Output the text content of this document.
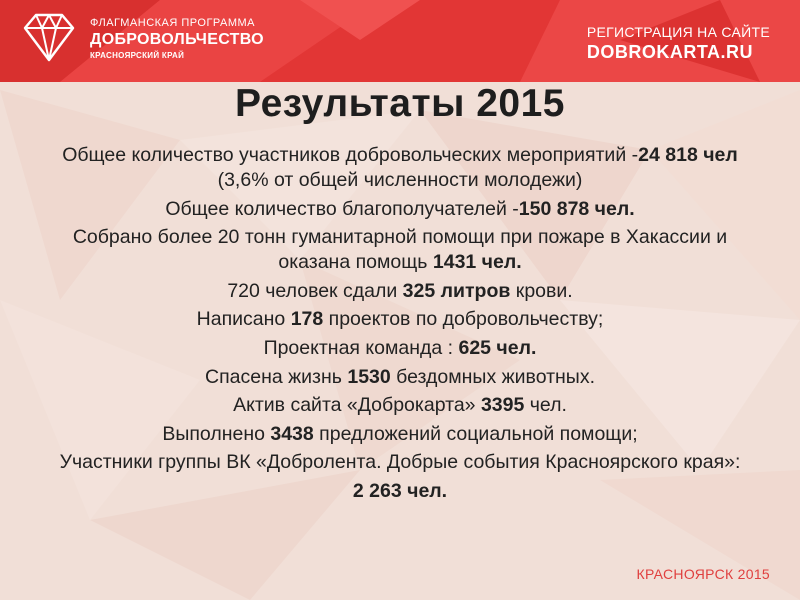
ФЛАГМАНСКАЯ ПРОГРАММА
ДОБРОВОЛЬЧЕСТВО
КРАСНОЯРСКИЙ КРАЙ
РЕГИСТРАЦИЯ НА САЙТЕ
DOBROKARTA.RU
Результаты 2015

Общее количество участников добровольческих мероприятий -24 818 чел (3,6% от общей численности молодежи)

Общее количество благополучателей -150 878 чел.

Собрано более 20 тонн гуманитарной помощи при пожаре в Хакассии и оказана помощь 1431 чел.

720 человек сдали 325 литров крови.

Написано 178 проектов по добровольчеству;

Проектная команда : 625 чел.

Спасена жизнь 1530 бездомных животных.

Актив сайта «Доброкарта» 3395 чел.

Выполнено 3438 предложений социальной помощи;

Участники группы ВК «Добролента. Добрые события Красноярского края»:

2 263 чел.

КРАСНОЯРСК 2015
